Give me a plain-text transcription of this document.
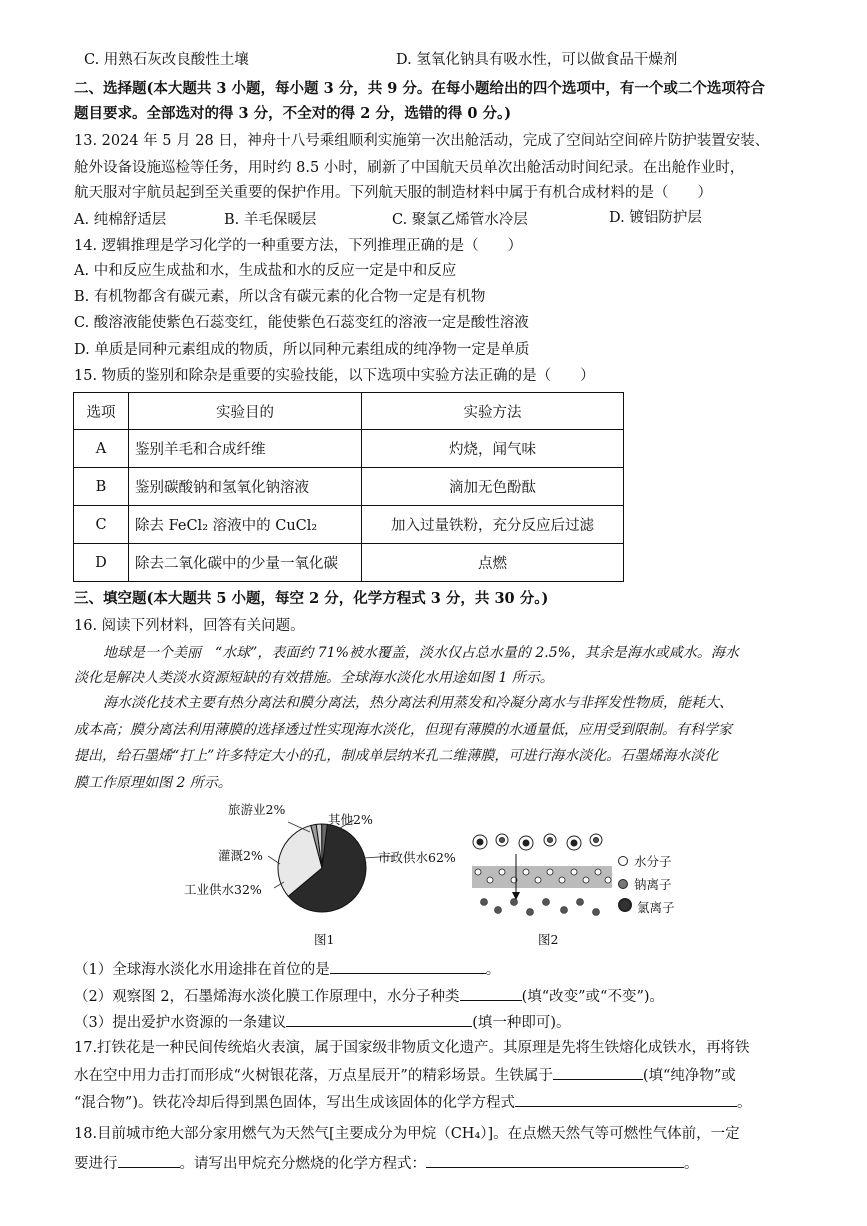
C. 用熟石灰改良酸性土壤	D. 氢氧化钠具有吸水性，可以做食品干燥剂
二、选择题(本大题共 3 小题，每小题 3 分，共 9 分。在每小题给出的四个选项中，有一个或二个选项符合
题目要求。全部选对的得 3 分，不全对的得 2 分，选错的得 0 分。)
13. 2024 年 5 月 28 日，神舟十八号乘组顺利实施第一次出舱活动，完成了空间站空间碎片防护装置安装、
舱外设备设施巡检等任务，用时约 8.5 小时，刷新了中国航天员单次出舱活动时间纪录。在出舱作业时，
航天服对宇航员起到至关重要的保护作用。下列航天服的制造材料中属于有机合成材料的是（　　）
A. 纯棉舒适层	B. 羊毛保暖层	C. 聚氯乙烯管水冷层	D. 镀铝防护层
14. 逻辑推理是学习化学的一种重要方法，下列推理正确的是（　　）
A. 中和反应生成盐和水，生成盐和水的反应一定是中和反应
B. 有机物都含有碳元素，所以含有碳元素的化合物一定是有机物
C. 酸溶液能使紫色石蕊变红，能使紫色石蕊变红的溶液一定是酸性溶液
D. 单质是同种元素组成的物质，所以同种元素组成的纯净物一定是单质
15. 物质的鉴别和除杂是重要的实验技能，以下选项中实验方法正确的是（　　）
选项	实验目的	实验方法
A	鉴别羊毛和合成纤维	灼烧，闻气味
B	鉴别碳酸钠和氢氧化钠溶液	滴加无色酚酞
C	除去 FeCl₂ 溶液中的 CuCl₂	加入过量铁粉，充分反应后过滤
D	除去二氧化碳中的少量一氧化碳	点燃
三、填空题(本大题共 5 小题，每空 2 分，化学方程式 3 分，共 30 分。)
16. 阅读下列材料，回答有关问题。
地球是一个美丽　“水球”，表面约 71%被水覆盖，淡水仅占总水量的 2.5%，其余是海水或咸水。海水
淡化是解决人类淡水资源短缺的有效措施。全球海水淡化水用途如图 1 所示。
海水淡化技术主要有热分离法和膜分离法，热分离法利用蒸发和冷凝分离水与非挥发性物质，能耗大、
成本高；膜分离法利用薄膜的选择透过性实现海水淡化，但现有薄膜的水通量低，应用受到限制。有科学家
提出，给石墨烯“打上”许多特定大小的孔，制成单层纳米孔二维薄膜，可进行海水淡化。石墨烯海水淡化
膜工作原理如图 2 所示。
旅游业2%
其他2%
灌溉2%	市政供水62%
工业供水32%
图1
水分子
钠离子
氯离子
图2
（1）全球海水淡化水用途排在首位的是	。
（2）观察图 2，石墨烯海水淡化膜工作原理中，水分子种类	(填“改变”或“不变”)。
（3）提出爱护水资源的一条建议	(填一种即可)。
17.打铁花是一种民间传统焰火表演，属于国家级非物质文化遗产。其原理是先将生铁熔化成铁水，再将铁
水在空中用力击打而形成“火树银花落，万点星辰开”的精彩场景。生铁属于	(填“纯净物”或
“混合物”)。铁花冷却后得到黑色固体，写出生成该固体的化学方程式	。
18.目前城市绝大部分家用燃气为天然气[主要成分为甲烷（CH₄）]。在点燃天然气等可燃性气体前，一定
要进行	。请写出甲烷充分燃烧的化学方程式：	。
